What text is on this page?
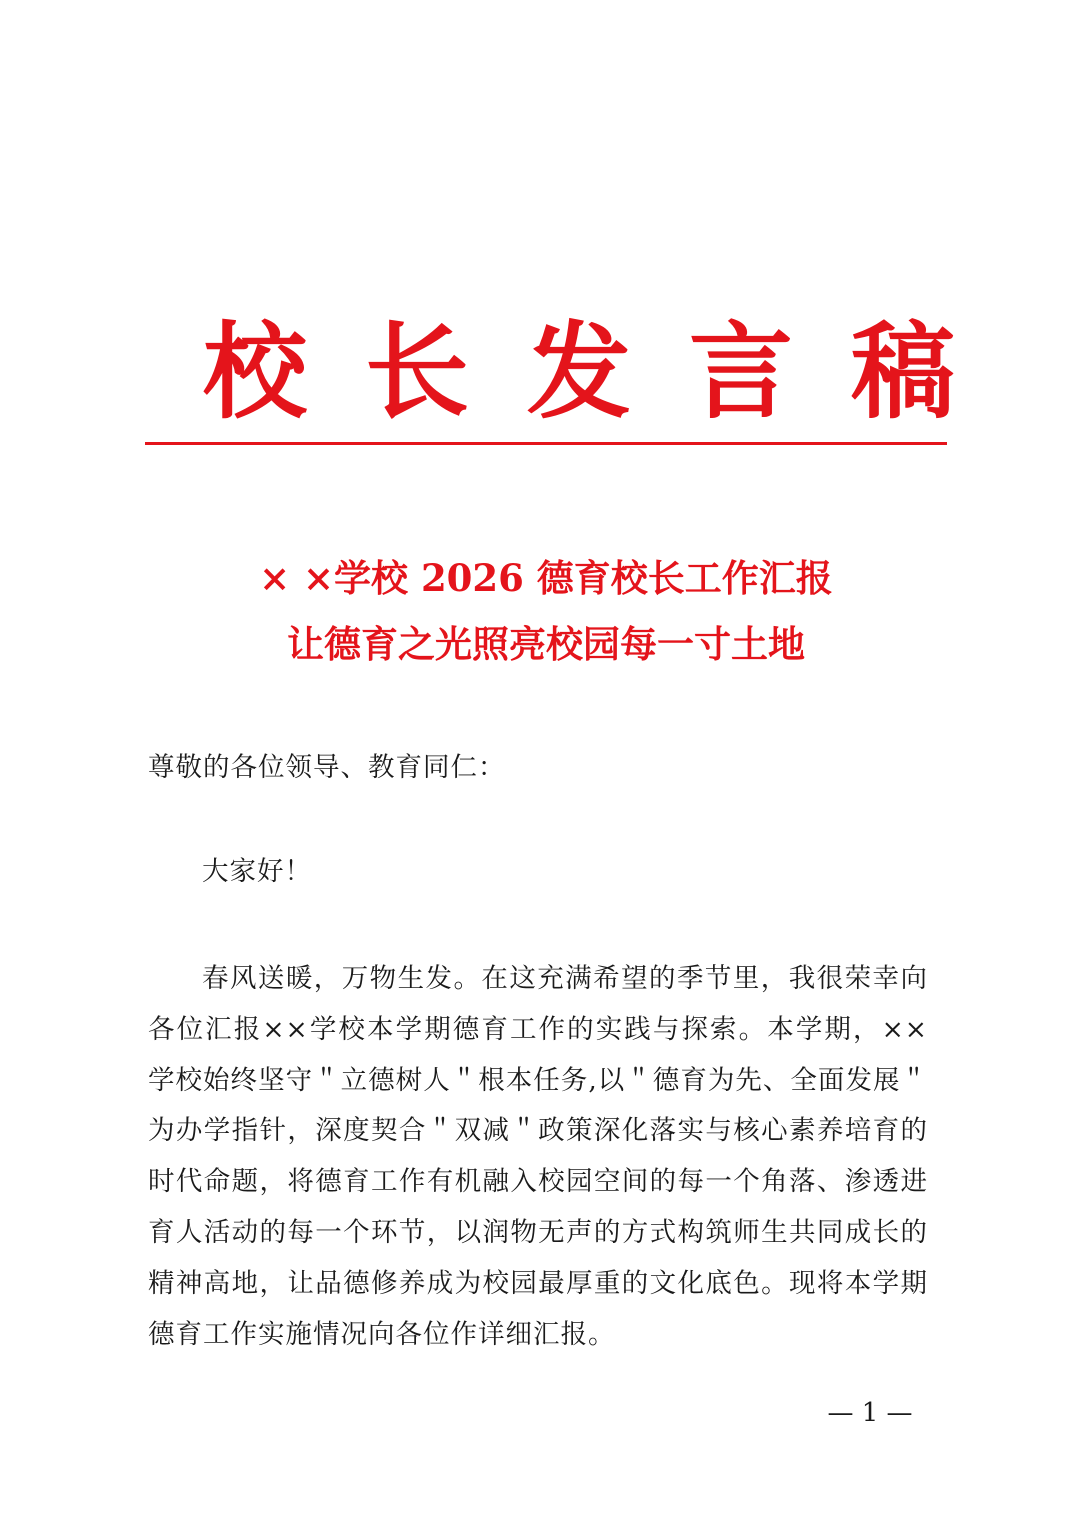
校长发言稿
× ×学校 2026 德育校长工作汇报
让德育之光照亮校园每一寸土地
尊敬的各位领导、教育同仁：
大家好！
春风送暖，万物生发。在这充满希望的季节里，我很荣幸向各位汇报××学校本学期德育工作的实践与探索。本学期，××学校始终坚守＂立德树人＂根本任务,以＂德育为先、全面发展＂为办学指针，深度契合＂双减＂政策深化落实与核心素养培育的时代命题，将德育工作有机融入校园空间的每一个角落、渗透进育人活动的每一个环节，以润物无声的方式构筑师生共同成长的精神高地，让品德修养成为校园最厚重的文化底色。现将本学期德育工作实施情况向各位作详细汇报。
— 1 —
